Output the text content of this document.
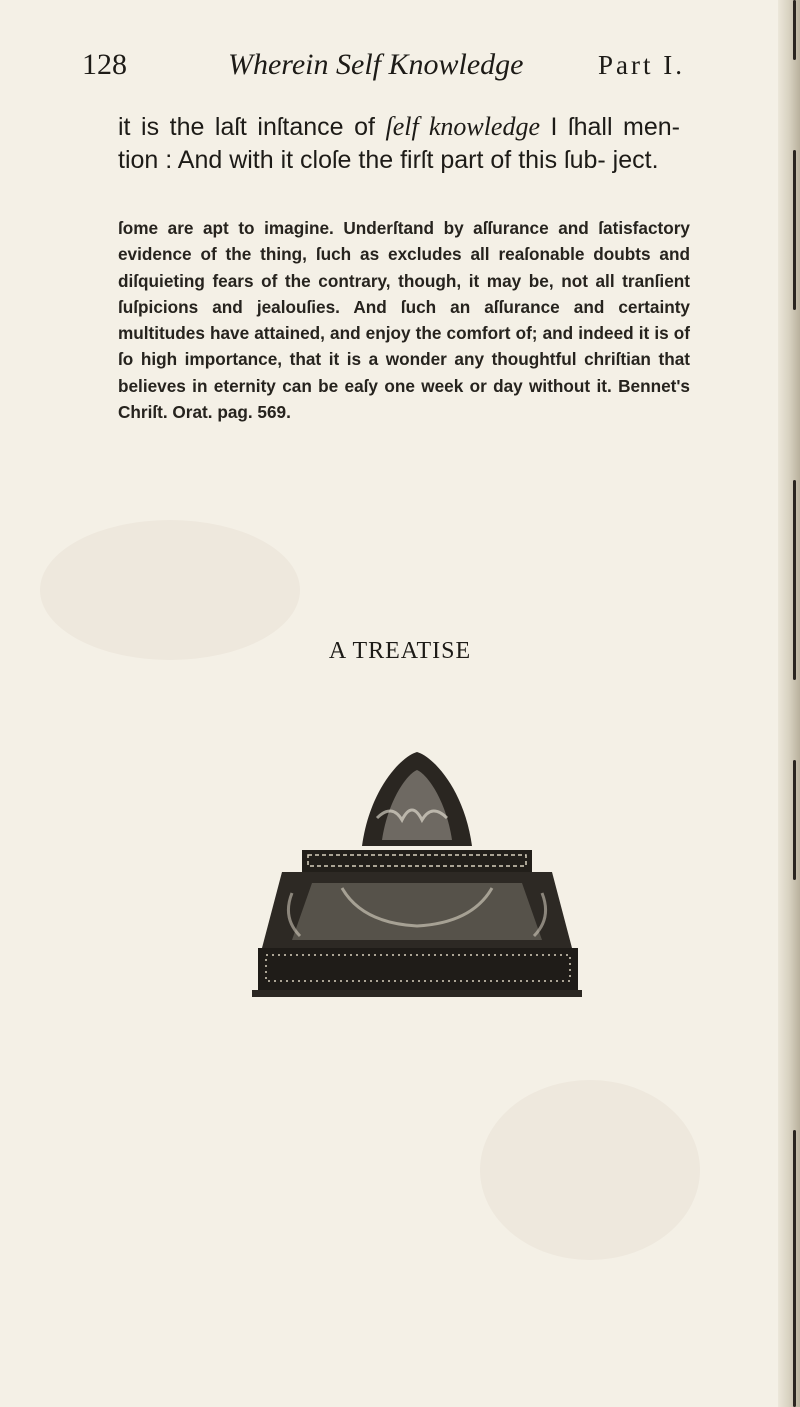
128	Wherein Self Knowledge	Part I.
it is the laſt inſtance of ſelf knowledge I ſhall men- tion : And with it cloſe the firſt part of this ſub- ject.
ſome are apt to imagine. Underſtand by aſſurance and ſatisfactory evidence of the thing, ſuch as excludes all reaſonable doubts and diſquieting fears of the contrary, though, it may be, not all tranſient ſuſpicions and jealouſies. And ſuch an aſſurance and certainty multitudes have attained, and enjoy the comfort of; and indeed it is of ſo high importance, that it is a wonder any thoughtful chriſtian that believes in eternity can be eaſy one week or day without it. Bennet's Chriſt. Orat. pag. 569.
A TREATISE
